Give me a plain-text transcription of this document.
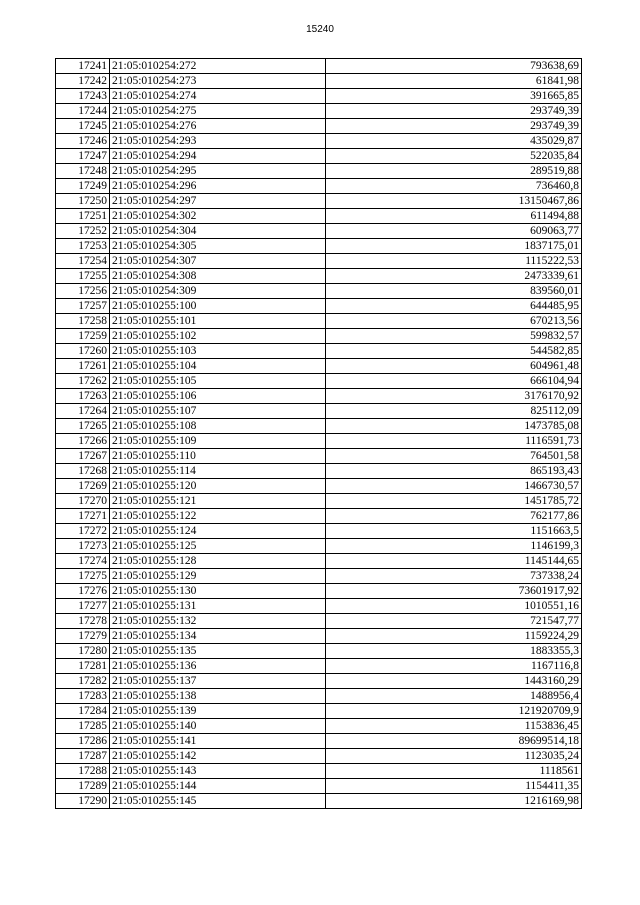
15240
17241	21:05:010254:272	793638,69
17242	21:05:010254:273	61841,98
17243	21:05:010254:274	391665,85
17244	21:05:010254:275	293749,39
17245	21:05:010254:276	293749,39
17246	21:05:010254:293	435029,87
17247	21:05:010254:294	522035,84
17248	21:05:010254:295	289519,88
17249	21:05:010254:296	736460,8
17250	21:05:010254:297	13150467,86
17251	21:05:010254:302	611494,88
17252	21:05:010254:304	609063,77
17253	21:05:010254:305	1837175,01
17254	21:05:010254:307	1115222,53
17255	21:05:010254:308	2473339,61
17256	21:05:010254:309	839560,01
17257	21:05:010255:100	644485,95
17258	21:05:010255:101	670213,56
17259	21:05:010255:102	599832,57
17260	21:05:010255:103	544582,85
17261	21:05:010255:104	604961,48
17262	21:05:010255:105	666104,94
17263	21:05:010255:106	3176170,92
17264	21:05:010255:107	825112,09
17265	21:05:010255:108	1473785,08
17266	21:05:010255:109	1116591,73
17267	21:05:010255:110	764501,58
17268	21:05:010255:114	865193,43
17269	21:05:010255:120	1466730,57
17270	21:05:010255:121	1451785,72
17271	21:05:010255:122	762177,86
17272	21:05:010255:124	1151663,5
17273	21:05:010255:125	1146199,3
17274	21:05:010255:128	1145144,65
17275	21:05:010255:129	737338,24
17276	21:05:010255:130	73601917,92
17277	21:05:010255:131	1010551,16
17278	21:05:010255:132	721547,77
17279	21:05:010255:134	1159224,29
17280	21:05:010255:135	1883355,3
17281	21:05:010255:136	1167116,8
17282	21:05:010255:137	1443160,29
17283	21:05:010255:138	1488956,4
17284	21:05:010255:139	121920709,9
17285	21:05:010255:140	1153836,45
17286	21:05:010255:141	89699514,18
17287	21:05:010255:142	1123035,24
17288	21:05:010255:143	1118561
17289	21:05:010255:144	1154411,35
17290	21:05:010255:145	1216169,98
